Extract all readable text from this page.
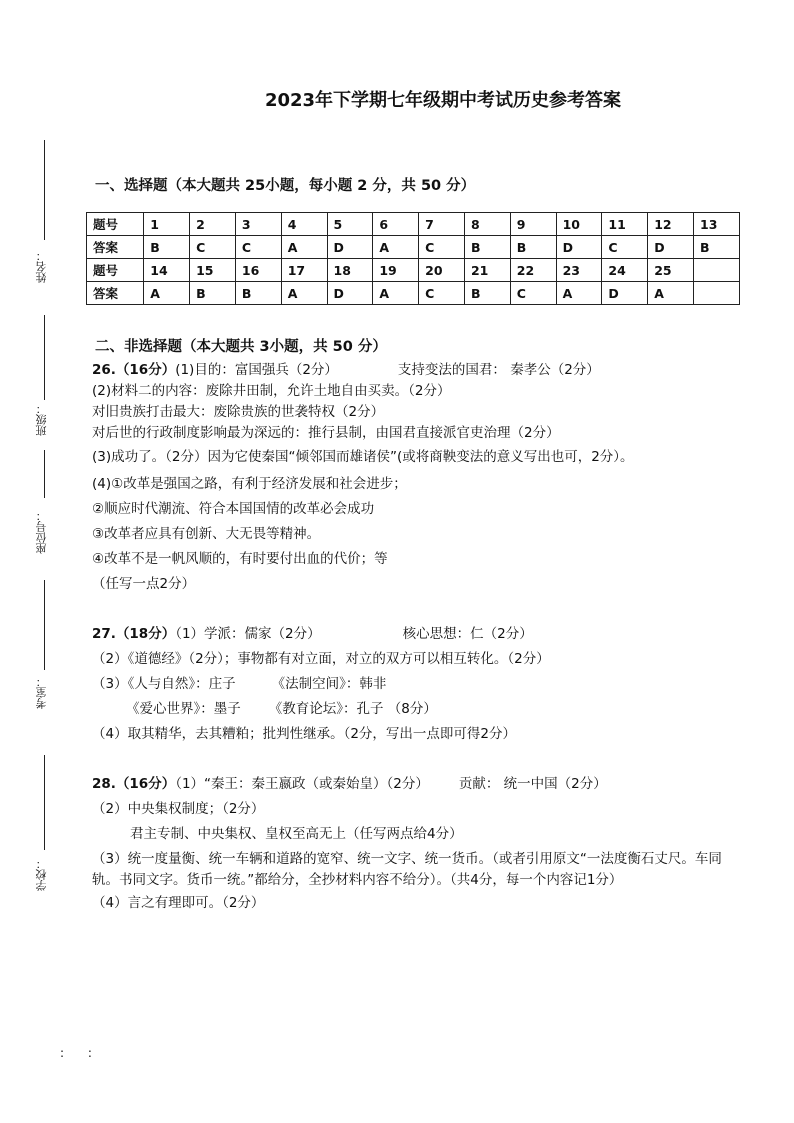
姓名：
班级：
座位号：
考室：
学校：
2023年下学期七年级期中考试历史参考答案
一、选择题（本大题共 25小题，每小题 2 分，共 50 分）
题号	1	2	3	4	5	6	7	8	9	10	11	12	13
答案	B	C	C	A	D	A	C	B	B	D	C	D	B
题号	14	15	16	17	18	19	20	21	22	23	24	25	
答案	A	B	B	A	D	A	C	B	C	A	D	A	
二、非选择题（本大题共 3小题，共 50 分）

26.（16分）(1)目的：富国强兵（2分）	支持变法的国君： 秦孝公（2分）

(2)材料二的内容：废除井田制，允许土地自由买卖。（2分）

对旧贵族打击最大：废除贵族的世袭特权（2分）

对后世的行政制度影响最为深远的：推行县制，由国君直接派官吏治理（2分）

(3)成功了。（2分）因为它使秦国“倾邻国而雄诸侯”(或将商鞅变法的意义写出也可，2分）。

(4)①改革是强国之路，有利于经济发展和社会进步；

②顺应时代潮流、符合本国国情的改革必会成功

③改革者应具有创新、大无畏等精神。

④改革不是一帆风顺的，有时要付出血的代价；等

（任写一点2分）

27.（18分）（1）学派：儒家（2分）	核心思想：仁（2分）

（2）《道德经》（2分）；事物都有对立面，对立的双方可以相互转化。（2分）

（3）《人与自然》：庄子	《法制空间》：韩非

《爱心世界》：墨子 《教育论坛》：孔子 （8分）

（4）取其精华，去其糟粕；批判性继承。（2分，写出一点即可得2分）

28.（16分）（1）“秦王：秦王嬴政（或秦始皇）（2分） 贡献： 统一中国（2分）

（2）中央集权制度；（2分）

君主专制、中央集权、皇权至高无上（任写两点给4分）

（3）统一度量衡、统一车辆和道路的宽窄、统一文字、统一货币。（或者引用原文“一法度衡石丈尺。车同轨。书同文字。货币一统。”都给分，全抄材料内容不给分）。（共4分，每一个内容记1分）

（4）言之有理即可。（2分）

: :
